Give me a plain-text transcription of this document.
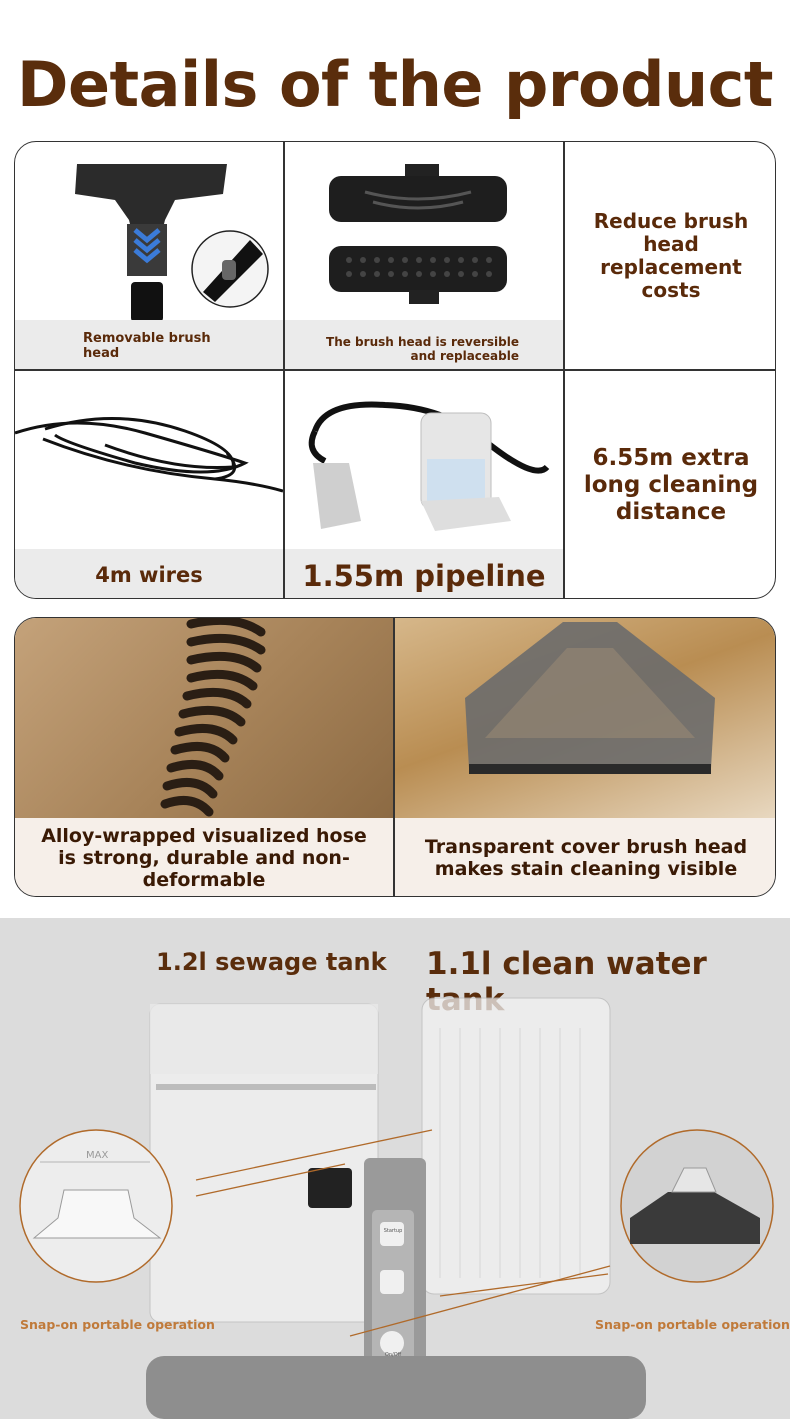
Details of the product
Removable brush head
The brush head is reversible and replaceable
Reduce brush head replacement costs
4m wires	1.55m pipeline
6.55m extra long cleaning distance
Alloy-wrapped visualized hose is strong, durable and non-deformable
Transparent cover brush head makes stain cleaning visible
1.2l sewage tank 1.1l clean water
MAX
Startup
On/Off
Snap-on portable operation	Snap-on portable operation
